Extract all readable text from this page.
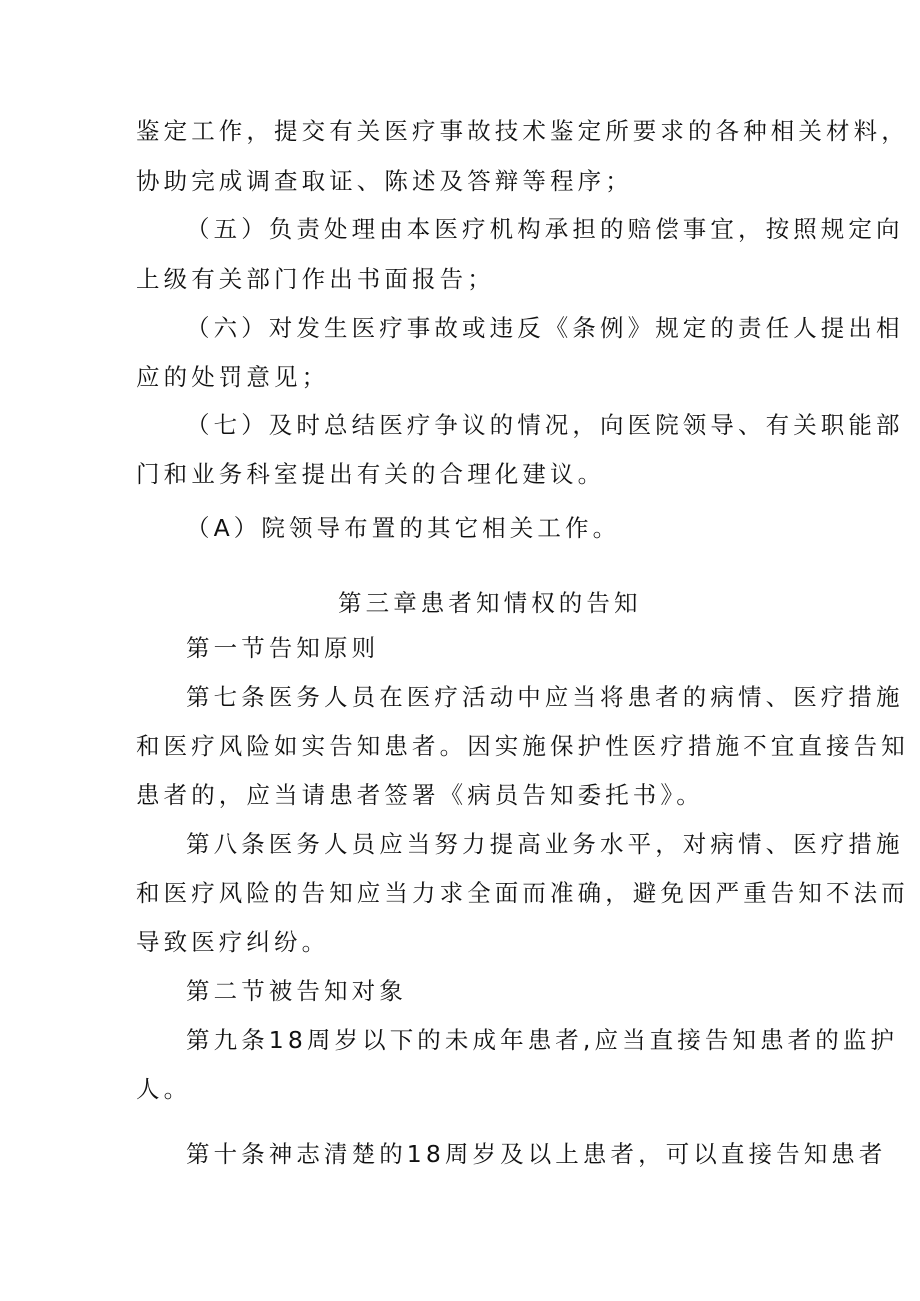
鉴定工作，提交有关医疗事故技术鉴定所要求的各种相关材料，
协助完成调查取证、陈述及答辩等程序；
（五）负责处理由本医疗机构承担的赔偿事宜，按照规定向
上级有关部门作出书面报告；
（六）对发生医疗事故或违反《条例》规定的责任人提出相
应的处罚意见；
（七）及时总结医疗争议的情况，向医院领导、有关职能部
门和业务科室提出有关的合理化建议。
（A）院领导布置的其它相关工作。
第三章患者知情权的告知
第一节告知原则
第七条医务人员在医疗活动中应当将患者的病情、医疗措施
和医疗风险如实告知患者。因实施保护性医疗措施不宜直接告知
患者的，应当请患者签署《病员告知委托书》。
第八条医务人员应当努力提高业务水平，对病情、医疗措施
和医疗风险的告知应当力求全面而准确，避免因严重告知不法而
导致医疗纠纷。
第二节被告知对象
第九条18周岁以下的未成年患者,应当直接告知患者的监护
人。
第十条神志清楚的18周岁及以上患者，可以直接告知患者
